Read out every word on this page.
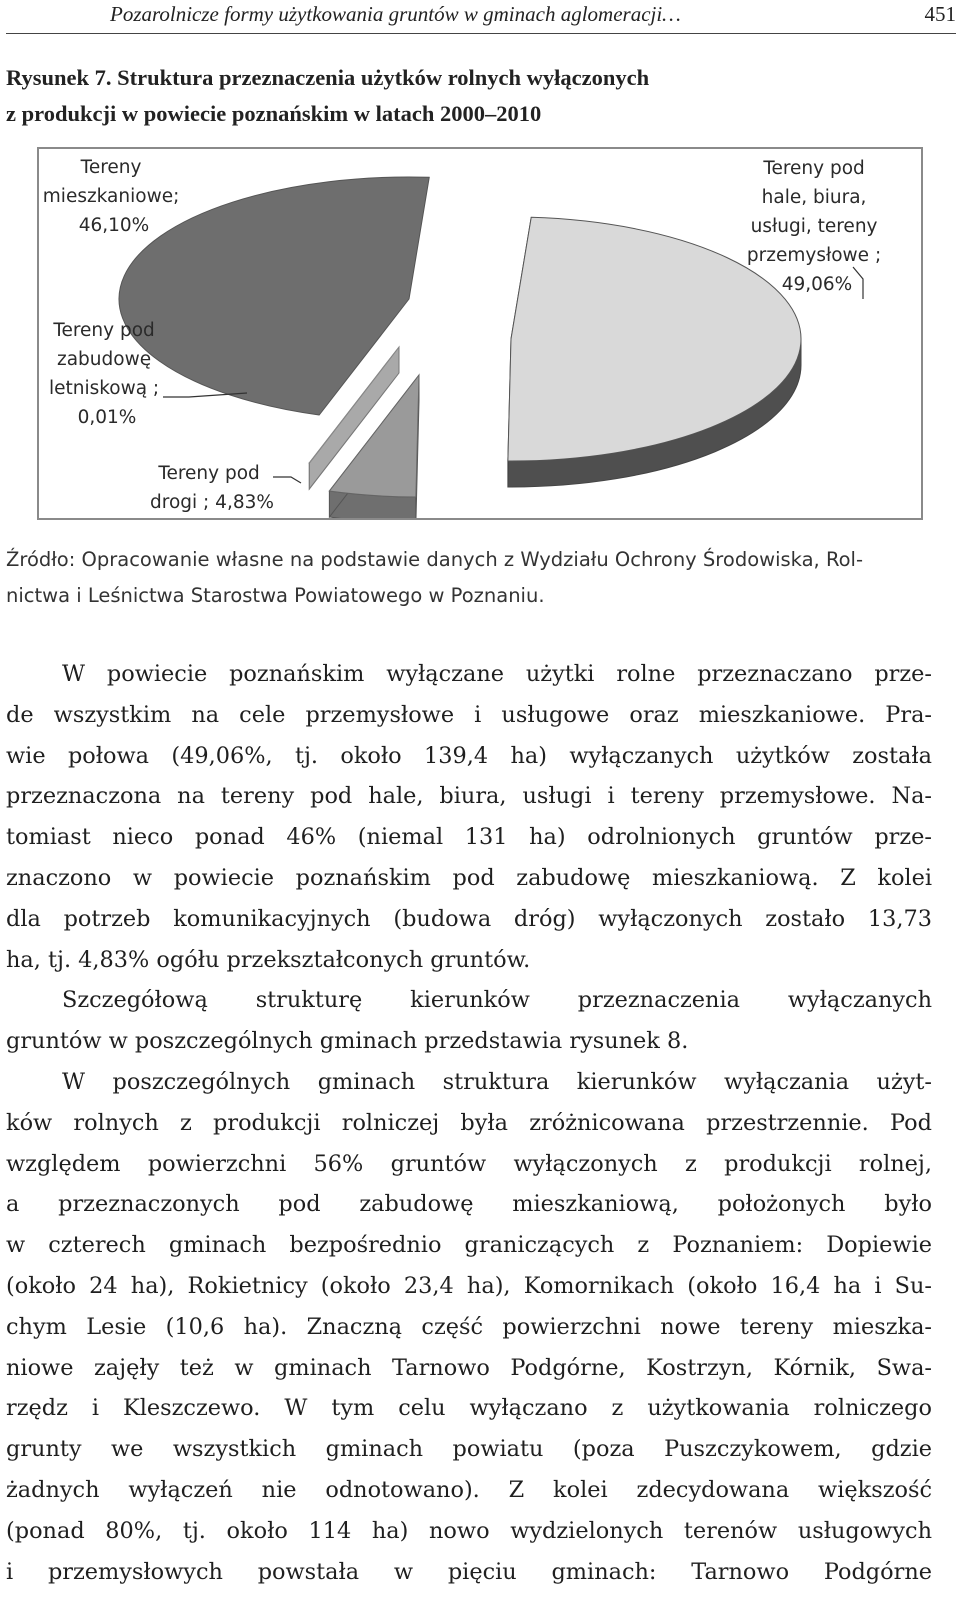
Pozarolnicze formy użytkowania gruntów w gminach aglomeracji…	451
Rysunek 7. Struktura przeznaczenia użytków rolnych wyłączonych
z produkcji w powiecie poznańskim w latach 2000–2010
Tereny mieszkaniowe; 46,10%
Tereny pod hale, biura, usługi, tereny przemysłowe ; 49,06%
Tereny pod zabudowę letniskową ; 0,01%
Tereny pod drogi ; 4,83%
Źródło: Opracowanie własne na podstawie danych z Wydziału Ochrony Środowiska, Rol-
nictwa i Leśnictwa Starostwa Powiatowego w Poznaniu.

W powiecie poznańskim wyłączane użytki rolne przeznaczano prze-
de wszystkim na cele przemysłowe i usługowe oraz mieszkaniowe. Pra-
wie połowa (49,06%, tj. około 139,4 ha) wyłączanych użytków została
przeznaczona na tereny pod hale, biura, usługi i tereny przemysłowe. Na-
tomiast nieco ponad 46% (niemal 131 ha) odrolnionych gruntów prze-
znaczono w powiecie poznańskim pod zabudowę mieszkaniową. Z kolei
dla potrzeb komunikacyjnych (budowa dróg) wyłączonych zostało 13,73
ha, tj. 4,83% ogółu przekształconych gruntów.

Szczegółową strukturę kierunków przeznaczenia wyłączanych
gruntów w poszczególnych gminach przedstawia rysunek 8.

W poszczególnych gminach struktura kierunków wyłączania użyt-
ków rolnych z produkcji rolniczej była zróżnicowana przestrzennie. Pod
względem powierzchni 56% gruntów wyłączonych z produkcji rolnej,
a przeznaczonych pod zabudowę mieszkaniową, położonych było
w czterech gminach bezpośrednio graniczących z Poznaniem: Dopiewie
(około 24 ha), Rokietnicy (około 23,4 ha), Komornikach (około 16,4 ha i Su-
chym Lesie (10,6 ha). Znaczną część powierzchni nowe tereny mieszka-
niowe zajęły też w gminach Tarnowo Podgórne, Kostrzyn, Kórnik, Swa-
rzędz i Kleszczewo. W tym celu wyłączano z użytkowania rolniczego
grunty we wszystkich gminach powiatu (poza Puszczykowem, gdzie
żadnych wyłączeń nie odnotowano). Z kolei zdecydowana większość
(ponad 80%, tj. około 114 ha) nowo wydzielonych terenów usługowych
i przemysłowych powstała w pięciu gminach: Tarnowo Podgórne
